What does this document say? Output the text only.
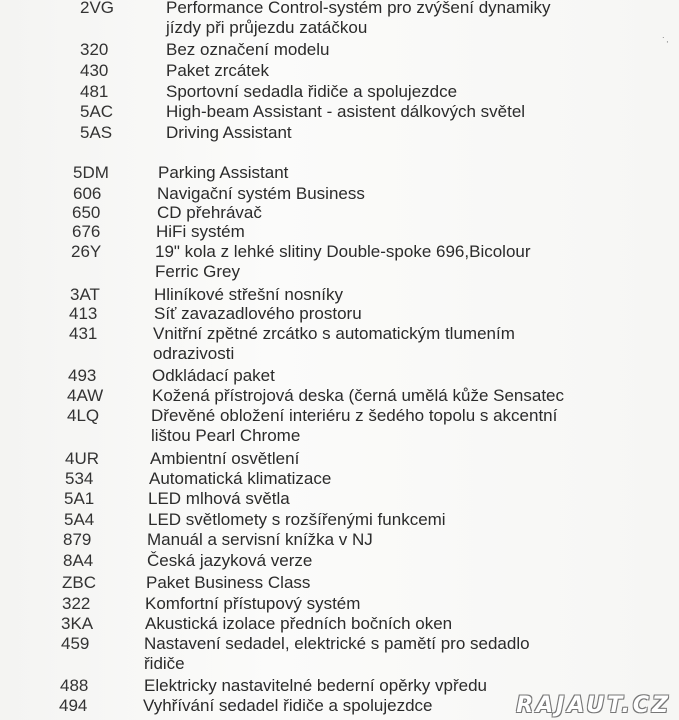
2VG	Performance Control-systém pro zvýšení dynamiky
jízdy při průjezdu zatáčkou
320	Bez označení modelu
430	Paket zrcátek
481	Sportovní sedadla řidiče a spolujezdce
5AC	High-beam Assistant - asistent dálkových světel
5AS	Driving Assistant
5DM	Parking Assistant
606	Navigační systém Business
650	CD přehrávač
676	HiFi systém
26Y	19" kola z lehké slitiny Double-spoke 696,Bicolour
Ferric Grey
3AT	Hliníkové střešní nosníky
413	Síť zavazadlového prostoru
431	Vnitřní zpětné zrcátko s automatickým tlumením
odrazivosti
493	Odkládací paket
4AW	Kožená přístrojová deska (černá umělá kůže Sensatec
4LQ	Dřevěné obložení interiéru z šedého topolu s akcentní
lištou Pearl Chrome
4UR	Ambientní osvětlení
534	Automatická klimatizace
5A1	LED mlhová světla
5A4	LED světlomety s rozšířenými funkcemi
879	Manuál a servisní knížka v NJ
8A4	Česká jazyková verze
ZBC	Paket Business Class
322	Komfortní přístupový systém
3KA	Akustická izolace předních bočních oken
459	Nastavení sedadel, elektrické s pamětí pro sedadlo
řidiče
488	Elektricky nastavitelné bederní opěrky vpředu
494	Vyhřívání sedadel řidiče a spolujezdce
˙·
RAJAUT.CZ
